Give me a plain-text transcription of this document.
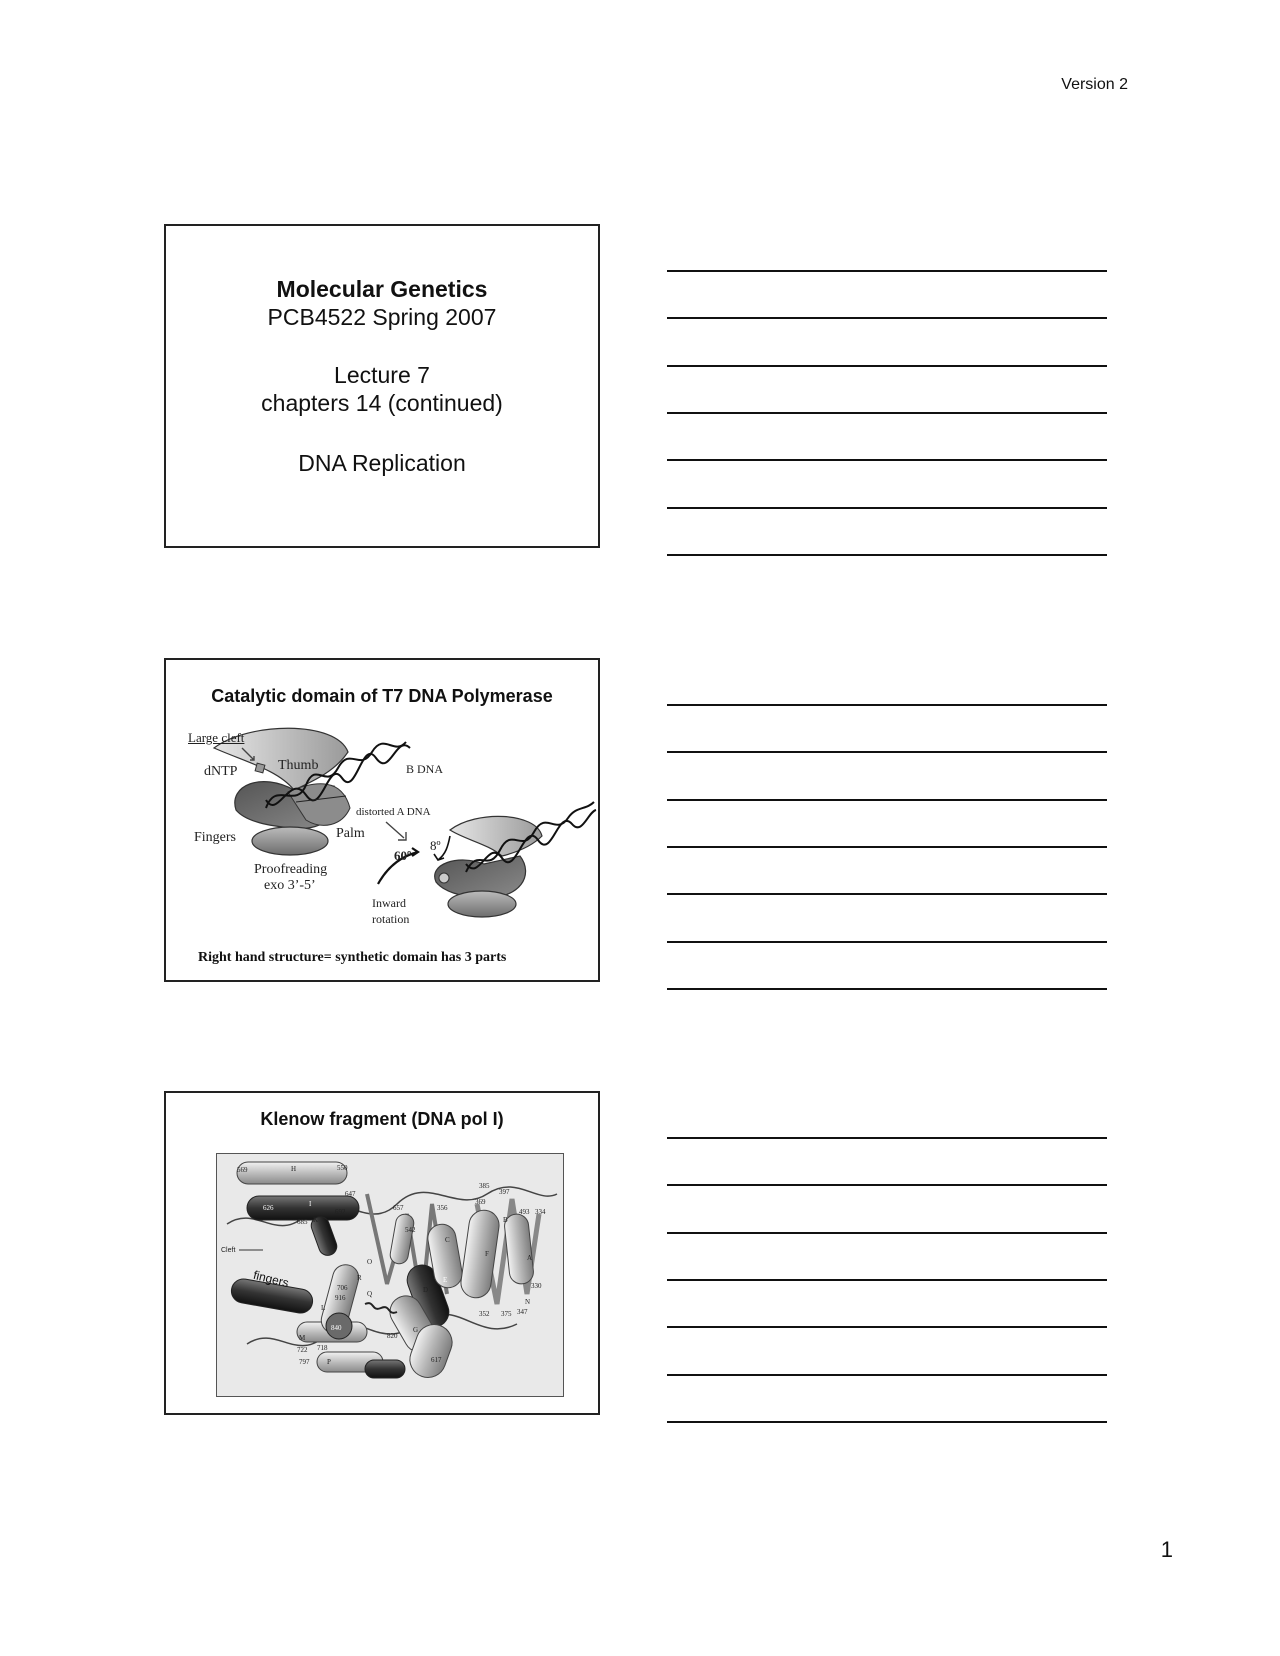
Version 2
Molecular Genetics
PCB4522 Spring 2007
Lecture 7
chapters 14 (continued)
DNA Replication
Catalytic domain of T7 DNA Polymerase
Large cleft
dNTP	Thumb	B DNA
distorted A DNA
Fingers	Palm
Proofreading
exo 3’-5’
60º
8º
Inward
rotation
Right hand structure= synthetic domain has 3 parts
Klenow fragment (DNA pol I)
Cleft
fingers
569	550
H
626
647
I	657
692
685 K
385
397
356
369
493 334
542
C
F	A
B
330
347
352 375
N
706
916
840
820
Q	D
E
G
L
M
O
P
R
722 718
797	617
1
